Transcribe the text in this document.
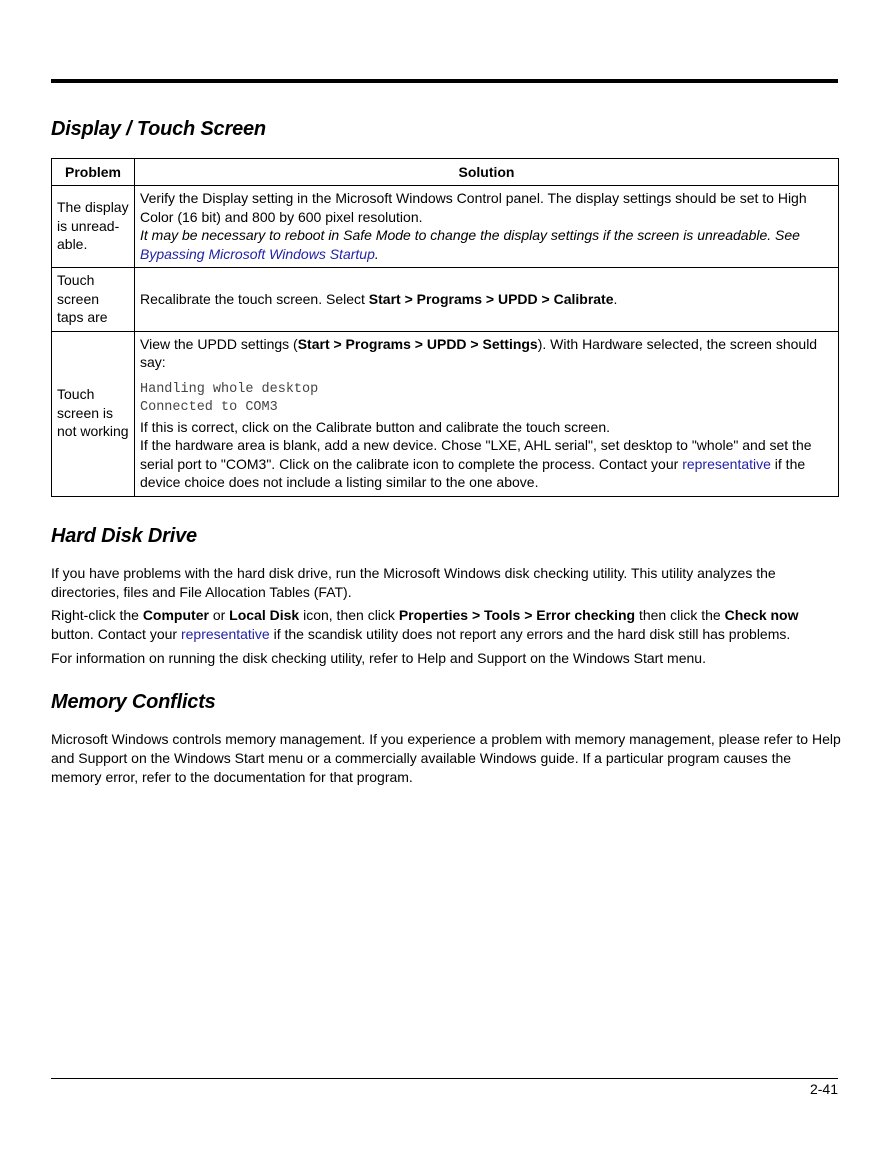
Display / Touch Screen
Problem	Solution
The display is unread-able.	Verify the Display setting in the Microsoft Windows Control panel. The display settings should be set to High Color (16 bit) and 800 by 600 pixel resolution.
It may be necessary to reboot in Safe Mode to change the display settings if the screen is unreadable. See Bypassing Microsoft Windows Startup.
Touch screen taps are	Recalibrate the touch screen. Select Start > Programs > UPDD > Calibrate.
Touch screen is not working	View the UPDD settings (Start > Programs > UPDD > Settings). With Hardware selected, the screen should say:
Handling whole desktop
Connected to COM3
If this is correct, click on the Calibrate button and calibrate the touch screen.
If the hardware area is blank, add a new device. Chose "LXE, AHL serial", set desktop to "whole" and set the serial port to "COM3". Click on the calibrate icon to complete the process. Contact your representative if the device choice does not include a listing similar to the one above.
Hard Disk Drive

If you have problems with the hard disk drive, run the Microsoft Windows disk checking utility. This utility analyzes the directories, files and File Allocation Tables (FAT).

Right-click the Computer or Local Disk icon, then click Properties > Tools > Error checking then click the Check now button. Contact your representative if the scandisk utility does not report any errors and the hard disk still has problems.

For information on running the disk checking utility, refer to Help and Support on the Windows Start menu.

Memory Conflicts

Microsoft Windows controls memory management. If you experience a problem with memory management, please refer to Help and Support on the Windows Start menu or a commercially available Windows guide. If a particular program causes the memory error, refer to the documentation for that program.

2-41
